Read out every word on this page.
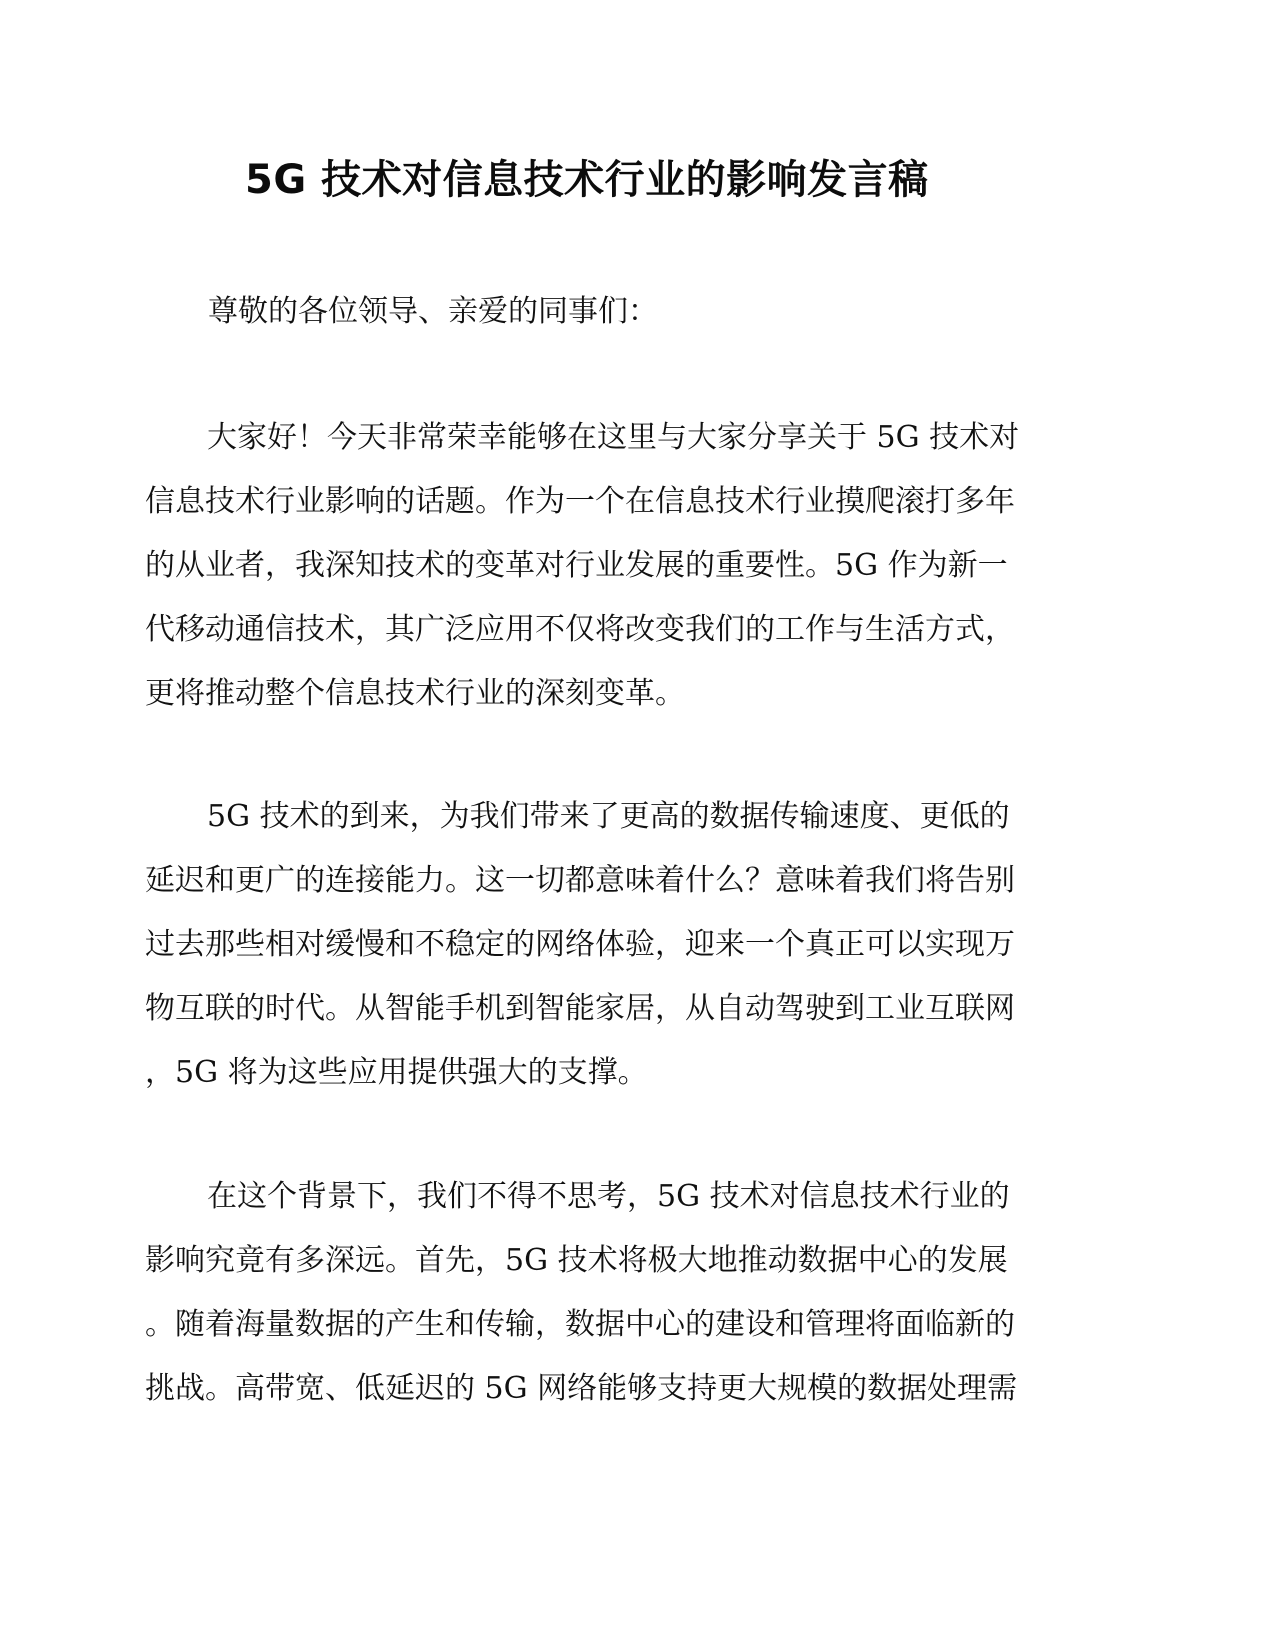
5G 技术对信息技术行业的影响发言稿
尊敬的各位领导、亲爱的同事们：
大家好！今天非常荣幸能够在这里与大家分享关于 5G 技术对
信息技术行业影响的话题。作为一个在信息技术行业摸爬滚打多年
的从业者，我深知技术的变革对行业发展的重要性。5G 作为新一
代移动通信技术，其广泛应用不仅将改变我们的工作与生活方式，
更将推动整个信息技术行业的深刻变革。
5G 技术的到来，为我们带来了更高的数据传输速度、更低的
延迟和更广的连接能力。这一切都意味着什么？意味着我们将告别
过去那些相对缓慢和不稳定的网络体验，迎来一个真正可以实现万
物互联的时代。从智能手机到智能家居，从自动驾驶到工业互联网
，5G 将为这些应用提供强大的支撑。
在这个背景下，我们不得不思考，5G 技术对信息技术行业的
影响究竟有多深远。首先，5G 技术将极大地推动数据中心的发展
。随着海量数据的产生和传输，数据中心的建设和管理将面临新的
挑战。高带宽、低延迟的 5G 网络能够支持更大规模的数据处理需
